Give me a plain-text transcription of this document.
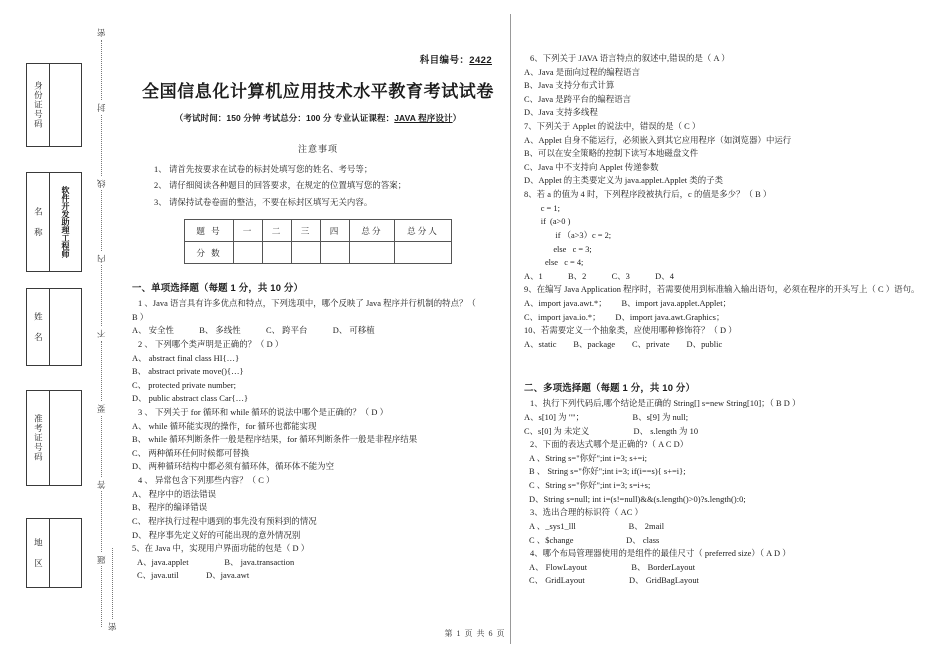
身份证号码
名 称	软件开发助理工程师
姓 名
准考证号码
地 区
密
封
线
内
不
要
答
题
密
科目编号：2422
全国信息化计算机应用技术水平教育考试试卷
（考试时间：150 分钟 考试总分：100 分 专业认证课程：JAVA 程序设计）
注意事项
1、 请首先按要求在试卷的标封处填写您的姓名、考号等；
2、 请仔细阅读各种题目的回答要求，在规定的位置填写您的答案；
3、 请保持试卷卷面的整洁，不要在标封区填写无关内容。
题 号	一	二	三	四	总分	总分人
分 数						
一、单项选择题（每题 1 分，共 10 分）

1 、Java 语言具有许多优点和特点，下列选项中，哪个反映了 Java 程序并行机制的特点？（

B ）

A、 安全性　　　B、 多线性　　　C、 跨平台　　　D、 可移植

2 、 下列哪个类声明是正确的？（ D ）

A、 abstract final class HI{…}

B、 abstract private move(){…}

C、 protected private number;

D、 public abstract class Car{…}

3 、 下列关于 for 循环和 while 循环的说法中哪个是正确的？（ D ）

A、 while 循环能实现的操作，for 循环也都能实现

B、 while 循环判断条件一般是程序结果，for 循环判断条件一般是非程序结果

C、 两种循环任何时候都可替换

D、 两种循环结构中都必须有循环体，循环体不能为空

4 、 异常包含下列那些内容？（ C ）

A、 程序中的语法错误

B、 程序的编译错误

C、 程序执行过程中遇到的事先没有预料到的情况

D、 程序事先定义好的可能出现的意外情况别

5、在 Java 中，实现用户界面功能的包是（ D ）

A、java.applet　　　　 B、 java.transaction

C、java.util　　　 D、java.awt

6、下列关于 JAVA 语言特点的叙述中,错误的是（ A ）

A、Java 是面向过程的编程语言

B、Java 支持分布式计算

C、Java 是跨平台的编程语言

D、Java 支持多线程

7、下列关于 Applet 的说法中，错误的是（ C ）

A、Applet 自身不能运行，必须嵌入到其它应用程序（如浏览器）中运行

B、可以在安全策略的控制下读写本地磁盘文件

C、Java 中不支持向 Applet 传递参数

D、Applet 的主类要定义为 java.applet.Applet 类的子类

8、若 a 的值为 4 时，下列程序段被执行后，c 的值是多少？（ B ）

c = 1;

if  (a>0 )

if （a>3）c = 2;

else   c = 3;

else   c = 4;

A、1　　　B、2　　　C、3　　　D、4

9、在编写 Java Application 程序时，若需要使用到标准输入输出语句，必须在程序的开头写上（ C ）语句。

A、import java.awt.*；　　 B、import java.applet.Applet；

C、import java.io.*；　　 D、import java.awt.Graphics；

10、若需要定义一个抽象类，应使用哪种修饰符？（ D ）

A、static　　B、package　　C、private　　D、public

二、多项选择题（每题 1 分，共 10 分）

1、执行下列代码后,哪个结论是正确的 String[] s=new String[10]；（ B D ）

A、s[10] 为 ""；　　　　　　 B、s[9] 为 null;

C、s[0] 为 未定义　　　　　 D、 s.length 为 10

2、下面的表达式哪个是正确的?（ A C D）

A 、String s="你好";int i=3; s+=i;

B 、 String s="你好";int i=3; if(i==s){ s+=i};

C 、String s="你好";int i=3; s=i+s;

D、String s=null; int i=(s!=null)&&(s.length()>0)?s.length():0;

3、选出合理的标识符（ AC ）

A 、_sys1_lll　　　　　　 B、 2mail

C 、$change　　　　　　 D、 class

4、哪个布局管理器使用的是组件的最佳尺寸（ preferred size）（ A D ）

A、 FlowLayout　　　　　 B、 BorderLayout

C、 GridLayout　　　　　 D、 GridBagLayout

第 1 页 共 6 页
